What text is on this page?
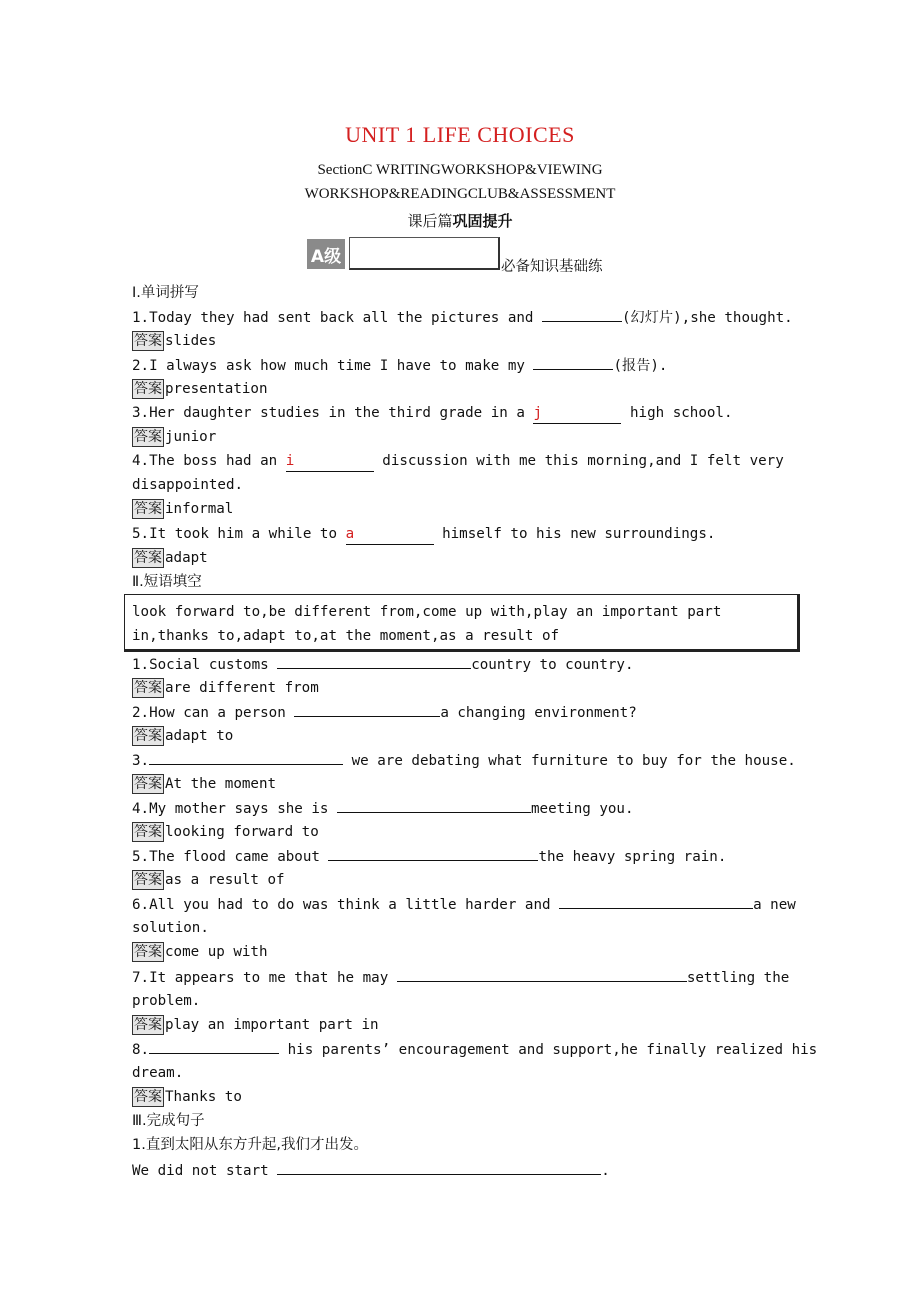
UNIT 1 LIFE CHOICES
SectionC WRITINGWORKSHOP&VIEWING
WORKSHOP&READINGCLUB&ASSESSMENT
课后篇巩固提升
A级
必备知识基础练
Ⅰ.单词拼写
1.Today they had sent back all the pictures and	(幻灯片),she thought.
答案 slides
2.I always ask how much time I have to make my	(报告).
答案 presentation
3.Her daughter studies in the third grade in a j	high school.
答案 junior
4.The boss had an i	discussion with me this morning,and I felt very
disappointed.
答案 informal
5.It took him a while to a	himself to his new surroundings.
答案 adapt
Ⅱ.短语填空
look forward to,be different from,come up with,play an important part in,thanks to,adapt to,at the moment,as a result of
1.Social customs	country to country.
答案 are different from
2.How can a person	a changing environment?
答案 adapt to
3.	we are debating what furniture to buy for the house.
答案 At the moment
4.My mother says she is	meeting you.
答案 looking forward to
5.The flood came about	the heavy spring rain.
答案 as a result of
6.All you had to do was think a little harder and	a new
solution.
答案 come up with
7.It appears to me that he may	settling the
problem.
答案 play an important part in
8.	his parents’ encouragement and support,he finally realized his
dream.
答案 Thanks to
Ⅲ.完成句子
1.直到太阳从东方升起,我们才出发。
We did not start	.
